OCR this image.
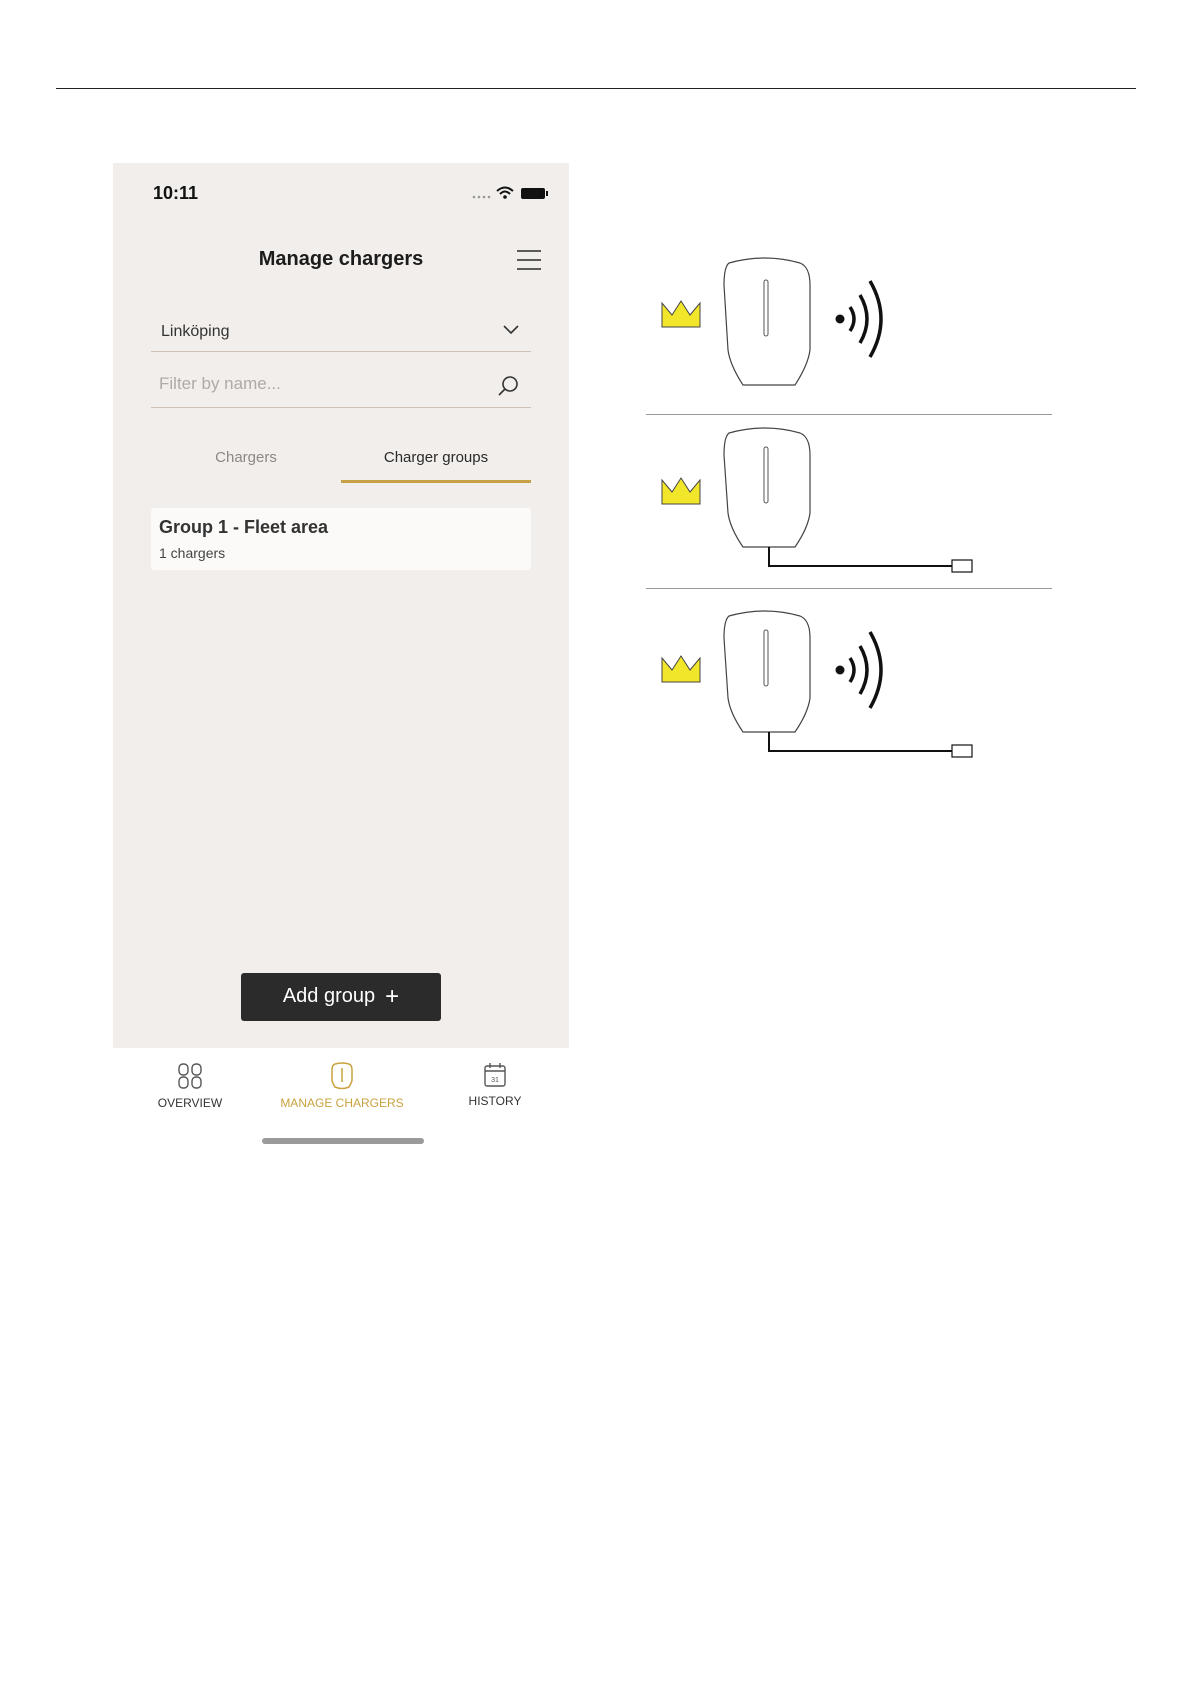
10:11
Manage chargers
Linköping
Filter by name...
Chargers	Charger groups
Group 1 - Fleet area
1 chargers
Add group +
OVERVIEW	MANAGE CHARGERS
31
HISTORY
